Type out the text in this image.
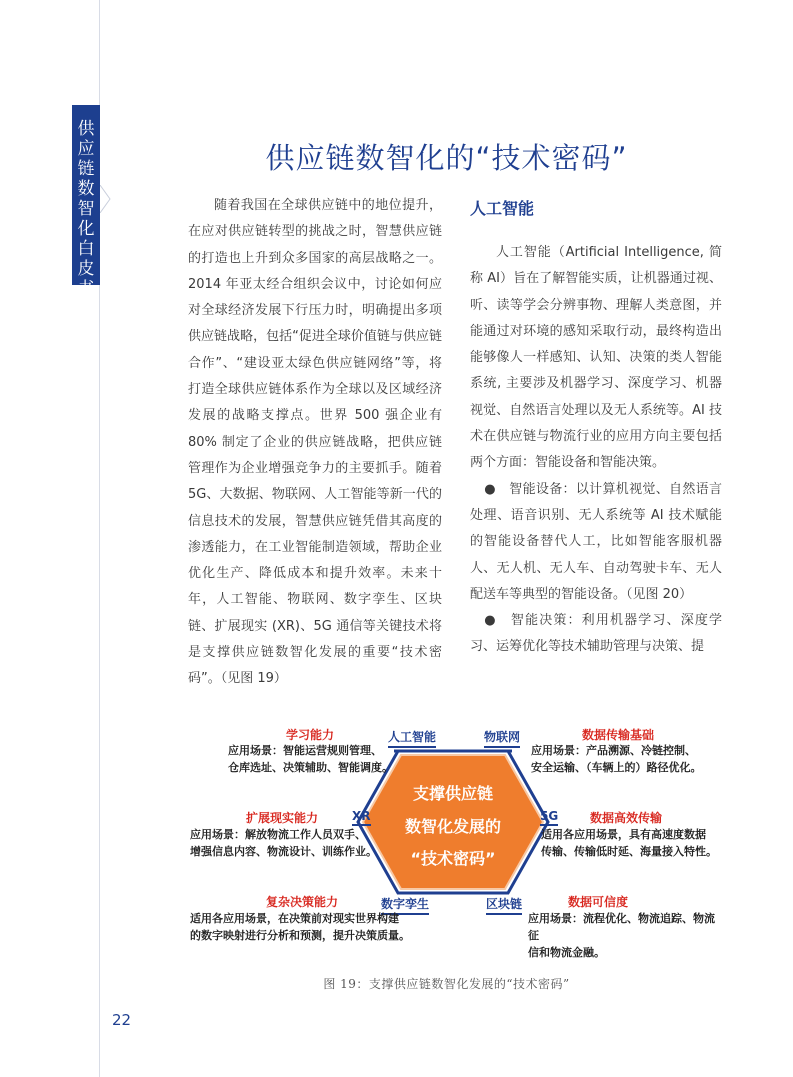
供应链数智化白皮书
供应链数智化的“技术密码”

随着我国在全球供应链中的地位提升，在应对供应链转型的挑战之时，智慧供应链的打造也上升到众多国家的高层战略之一。2014 年亚太经合组织会议中，讨论如何应对全球经济发展下行压力时，明确提出多项供应链战略，包括“促进全球价值链与供应链合作”、“建设亚太绿色供应链网络”等，将打造全球供应链体系作为全球以及区域经济发展的战略支撑点。世界 500 强企业有 80% 制定了企业的供应链战略，把供应链管理作为企业增强竞争力的主要抓手。随着 5G、大数据、物联网、人工智能等新一代的信息技术的发展，智慧供应链凭借其高度的渗透能力，在工业智能制造领域，帮助企业优化生产、降低成本和提升效率。未来十年，人工智能、物联网、数字孪生、区块链、扩展现实 (XR)、5G 通信等关键技术将是支撑供应链数智化发展的重要“技术密码”。（见图 19）

人工智能

人工智能（Artificial Intelligence, 简称 AI）旨在了解智能实质，让机器通过视、听、读等学会分辨事物、理解人类意图，并能通过对环境的感知采取行动，最终构造出能够像人一样感知、认知、决策的类人智能系统, 主要涉及机器学习、深度学习、机器视觉、自然语言处理以及无人系统等。AI 技术在供应链与物流行业的应用方向主要包括两个方面：智能设备和智能决策。

●　智能设备：以计算机视觉、自然语言处理、语音识别、无人系统等 AI 技术赋能的智能设备替代人工，比如智能客服机器人、无人机、无人车、自动驾驶卡车、无人配送车等典型的智能设备。（见图 20）

●　智能决策：利用机器学习、深度学习、运筹优化等技术辅助管理与决策、提

支撑供应链
数智化发展的
“技术密码”
人工智能	物联网
XR	5G
数字孪生	区块链
学习能力
应用场景：智能运营规则管理、
仓库选址、决策辅助、智能调度。
数据传输基础
应用场景：产品溯源、冷链控制、
安全运输、（车辆上的）路径优化。
扩展现实能力
应用场景：解放物流工作人员双手、
增强信息内容、物流设计、训练作业。
数据高效传输
适用各应用场景，具有高速度数据
传输、传输低时延、海量接入特性。
复杂决策能力
适用各应用场景，在决策前对现实世界构建
的数字映射进行分析和预测，提升决策质量。
数据可信度
应用场景：流程优化、物流追踪、物流征
信和物流金融。
图 19：支撑供应链数智化发展的“技术密码”
22
